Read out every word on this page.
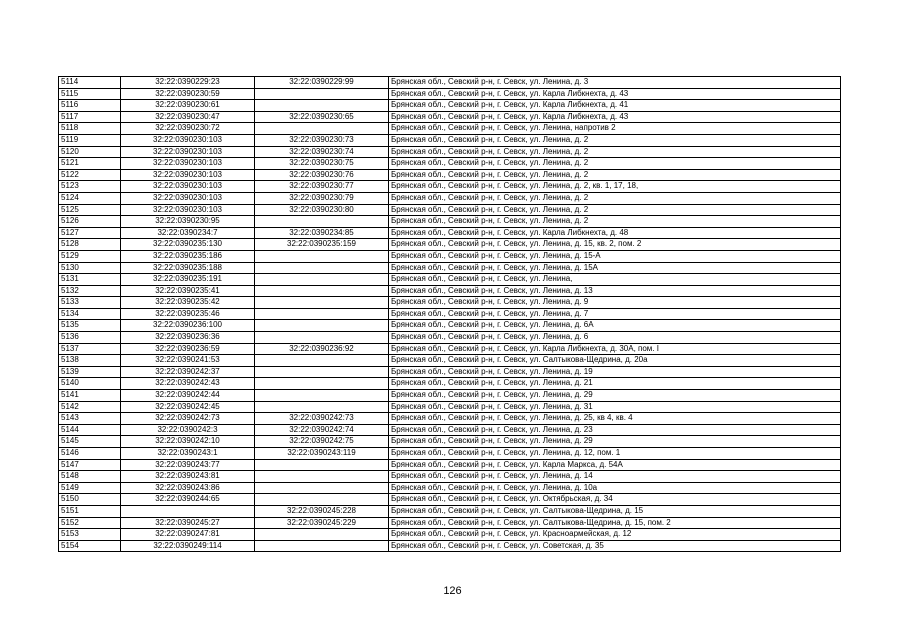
5114	32:22:0390229:23	32:22:0390229:99	Брянская обл., Севский р-н, г. Севск, ул. Ленина, д. 3
5115	32:22:0390230:59		Брянская обл., Севский р-н, г. Севск, ул. Карла Либкнехта, д. 43
5116	32:22:0390230:61		Брянская обл., Севский р-н, г. Севск, ул. Карла Либкнехта, д. 41
5117	32:22:0390230:47	32:22:0390230:65	Брянская обл., Севский р-н, г. Севск, ул. Карла Либкнехта, д. 43
5118	32:22:0390230:72		Брянская обл., Севский р-н, г. Севск, ул. Ленина, напротив 2
5119	32:22:0390230:103	32:22:0390230:73	Брянская обл., Севский р-н, г. Севск, ул. Ленина, д. 2
5120	32:22:0390230:103	32:22:0390230:74	Брянская обл., Севский р-н, г. Севск, ул. Ленина, д. 2
5121	32:22:0390230:103	32:22:0390230:75	Брянская обл., Севский р-н, г. Севск, ул. Ленина, д. 2
5122	32:22:0390230:103	32:22:0390230:76	Брянская обл., Севский р-н, г. Севск, ул. Ленина, д. 2
5123	32:22:0390230:103	32:22:0390230:77	Брянская обл., Севский р-н, г. Севск, ул. Ленина, д. 2, кв. 1, 17, 18,
5124	32:22:0390230:103	32:22:0390230:79	Брянская обл., Севский р-н, г. Севск, ул. Ленина, д. 2
5125	32:22:0390230:103	32:22:0390230:80	Брянская обл., Севский р-н, г. Севск, ул. Ленина, д. 2
5126	32:22:0390230:95		Брянская обл., Севский р-н, г. Севск, ул. Ленина, д. 2
5127	32:22:0390234:7	32:22:0390234:85	Брянская обл., Севский р-н, г. Севск, ул. Карла Либкнехта, д. 48
5128	32:22:0390235:130	32:22:0390235:159	Брянская обл., Севский р-н, г. Севск, ул. Ленина, д. 15, кв. 2, пом. 2
5129	32:22:0390235:186		Брянская обл., Севский р-н, г. Севск, ул. Ленина, д. 15-А
5130	32:22:0390235:188		Брянская обл., Севский р-н, г. Севск, ул. Ленина, д. 15А
5131	32:22:0390235:191		Брянская обл., Севский р-н, г. Севск, ул. Ленина,
5132	32:22:0390235:41		Брянская обл., Севский р-н, г. Севск, ул. Ленина, д. 13
5133	32:22:0390235:42		Брянская обл., Севский р-н, г. Севск, ул. Ленина, д. 9
5134	32:22:0390235:46		Брянская обл., Севский р-н, г. Севск, ул. Ленина, д. 7
5135	32:22:0390236:100		Брянская обл., Севский р-н, г. Севск, ул. Ленина, д. 6А
5136	32:22:0390236:36		Брянская обл., Севский р-н, г. Севск, ул. Ленина, д. 6
5137	32:22:0390236:59	32:22:0390236:92	Брянская обл., Севский р-н, г. Севск, ул. Карла Либкнехта, д. 30А, пом. I
5138	32:22:0390241:53		Брянская обл., Севский р-н, г. Севск, ул. Салтыкова-Щедрина, д. 20а
5139	32:22:0390242:37		Брянская обл., Севский р-н, г. Севск, ул. Ленина, д. 19
5140	32:22:0390242:43		Брянская обл., Севский р-н, г. Севск, ул. Ленина, д. 21
5141	32:22:0390242:44		Брянская обл., Севский р-н, г. Севск, ул. Ленина, д. 29
5142	32:22:0390242:45		Брянская обл., Севский р-н, г. Севск, ул. Ленина, д. 31
5143	32:22:0390242:73	32:22:0390242:73	Брянская обл., Севский р-н, г. Севск, ул. Ленина, д. 25, кв 4, кв. 4
5144	32:22:0390242:3	32:22:0390242:74	Брянская обл., Севский р-н, г. Севск, ул. Ленина, д. 23
5145	32:22:0390242:10	32:22:0390242:75	Брянская обл., Севский р-н, г. Севск, ул. Ленина, д. 29
5146	32:22:0390243:1	32:22:0390243:119	Брянская обл., Севский р-н, г. Севск, ул. Ленина, д. 12, пом. 1
5147	32:22:0390243:77		Брянская обл., Севский р-н, г. Севск, ул. Карла Маркса, д. 54А
5148	32:22:0390243:81		Брянская обл., Севский р-н, г. Севск, ул. Ленина, д. 14
5149	32:22:0390243:86		Брянская обл., Севский р-н, г. Севск, ул. Ленина, д. 10а
5150	32:22:0390244:65		Брянская обл., Севский р-н, г. Севск, ул. Октябрьская, д. 34
5151		32:22:0390245:228	Брянская обл., Севский р-н, г. Севск, ул. Салтыкова-Щедрина, д. 15
5152	32:22:0390245:27	32:22:0390245:229	Брянская обл., Севский р-н, г. Севск, ул. Салтыкова-Щедрина, д. 15, пом. 2
5153	32:22:0390247:81		Брянская обл., Севский р-н, г. Севск, ул. Красноармейская, д. 12
5154	32:22:0390249:114		Брянская обл., Севский р-н, г. Севск, ул. Советская, д. 35
126
